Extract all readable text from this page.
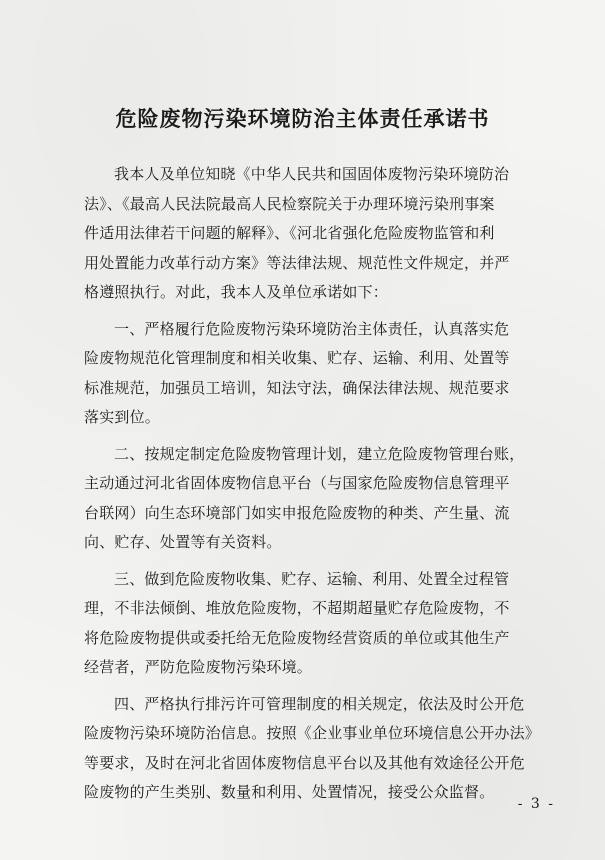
危险废物污染环境防治主体责任承诺书

我本人及单位知晓《中华人民共和国固体废物污染环境防治
法》、《最高人民法院最高人民检察院关于办理环境污染刑事案
件适用法律若干问题的解释》、《河北省强化危险废物监管和利
用处置能力改革行动方案》等法律法规、规范性文件规定，并严
格遵照执行。对此，我本人及单位承诺如下：

一、严格履行危险废物污染环境防治主体责任，认真落实危
险废物规范化管理制度和相关收集、贮存、运输、利用、处置等
标准规范，加强员工培训，知法守法，确保法律法规、规范要求
落实到位。

二、按规定制定危险废物管理计划，建立危险废物管理台账，
主动通过河北省固体废物信息平台（与国家危险废物信息管理平
台联网）向生态环境部门如实申报危险废物的种类、产生量、流
向、贮存、处置等有关资料。

三、做到危险废物收集、贮存、运输、利用、处置全过程管
理，不非法倾倒、堆放危险废物，不超期超量贮存危险废物，不
将危险废物提供或委托给无危险废物经营资质的单位或其他生产
经营者，严防危险废物污染环境。

四、严格执行排污许可管理制度的相关规定，依法及时公开危
险废物污染环境防治信息。按照《企业事业单位环境信息公开办法》
等要求，及时在河北省固体废物信息平台以及其他有效途径公开危
险废物的产生类别、数量和利用、处置情况，接受公众监督。

- 3 -
